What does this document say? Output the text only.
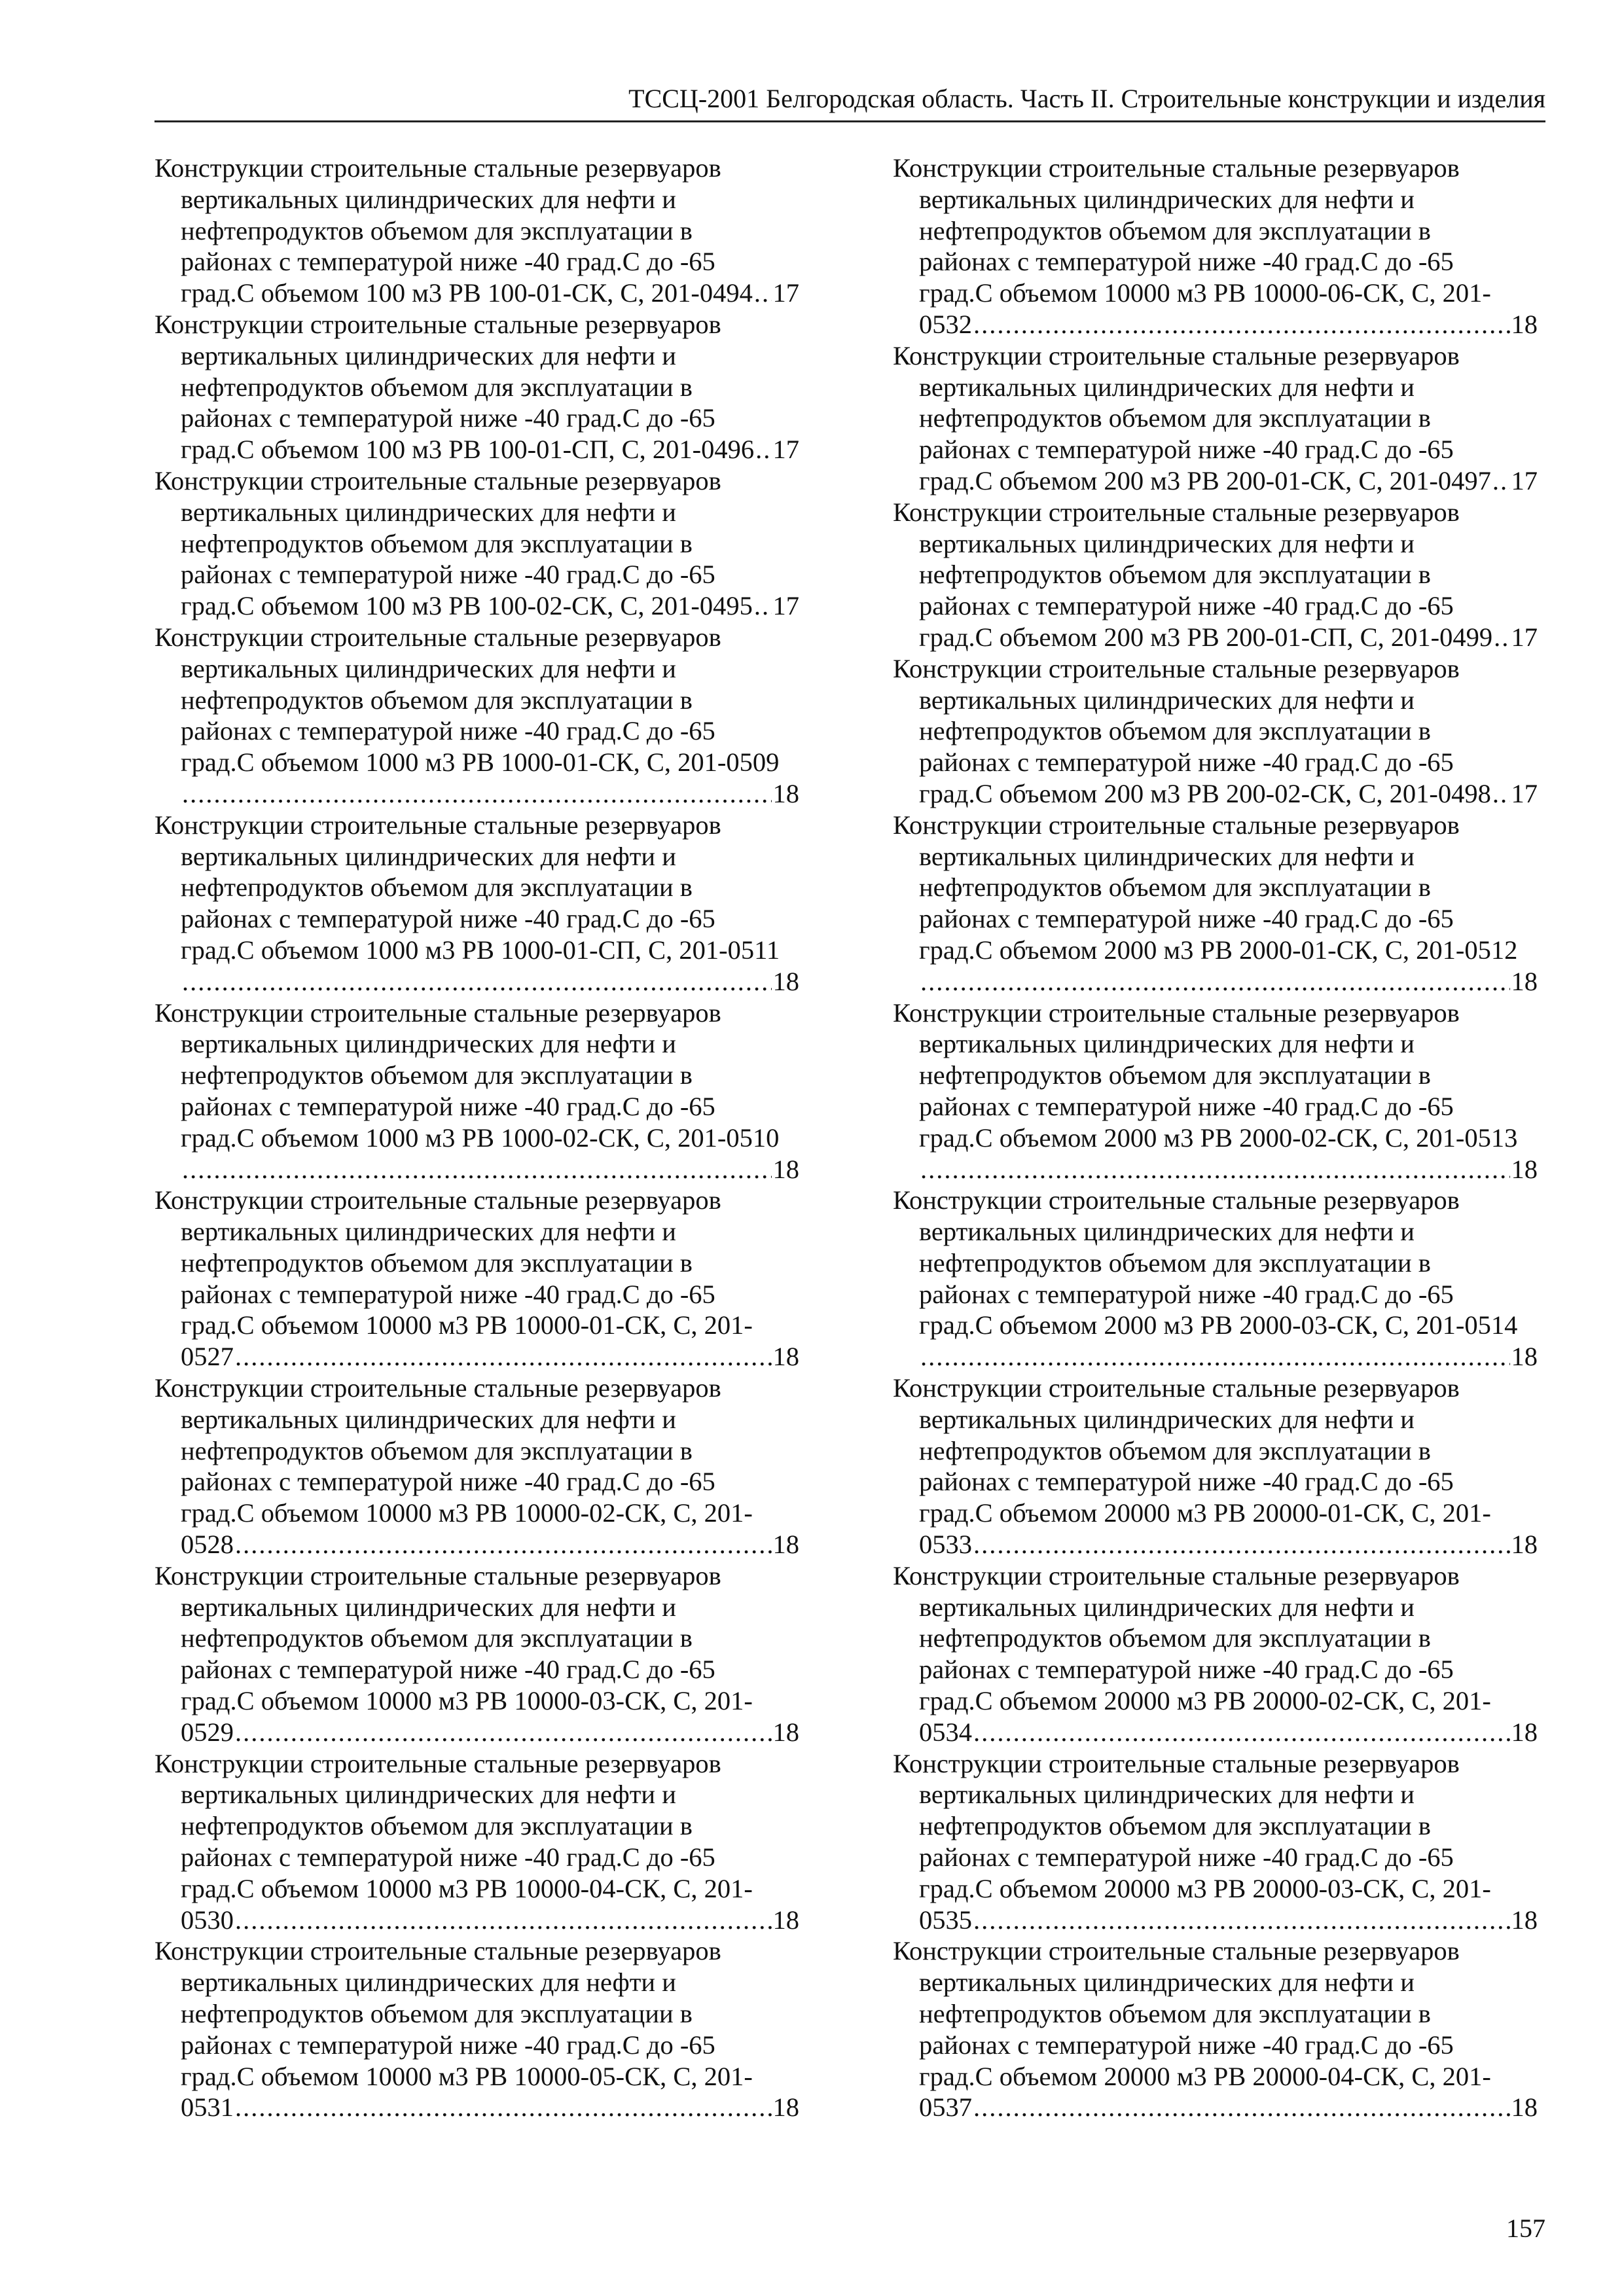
ТССЦ-2001 Белгородская область. Часть II. Строительные конструкции и изделия
Конструкции строительные стальные резервуаров
вертикальных цилиндрических для нефти и
нефтепродуктов объемом для эксплуатации в
районах с температурой ниже -40 град.С до -65
град.С объемом 100 м3 РВ 100-01-СК, С, 201-0494 ..... 17
Конструкции строительные стальные резервуаров
вертикальных цилиндрических для нефти и
нефтепродуктов объемом для эксплуатации в
районах с температурой ниже -40 град.С до -65
град.С объемом 100 м3 РВ 100-01-СП, С, 201-0496 ..... 17
Конструкции строительные стальные резервуаров
вертикальных цилиндрических для нефти и
нефтепродуктов объемом для эксплуатации в
районах с температурой ниже -40 град.С до -65
град.С объемом 100 м3 РВ 100-02-СК, С, 201-0495 ..... 17
Конструкции строительные стальные резервуаров
вертикальных цилиндрических для нефти и
нефтепродуктов объемом для эксплуатации в
районах с температурой ниже -40 град.С до -65
град.С объемом 1000 м3 РВ 1000-01-СК, С, 201-0509
.....
18
Конструкции строительные стальные резервуаров
вертикальных цилиндрических для нефти и
нефтепродуктов объемом для эксплуатации в
районах с температурой ниже -40 град.С до -65
град.С объемом 1000 м3 РВ 1000-01-СП, С, 201-0511
.....
18
Конструкции строительные стальные резервуаров
вертикальных цилиндрических для нефти и
нефтепродуктов объемом для эксплуатации в
районах с температурой ниже -40 град.С до -65
град.С объемом 1000 м3 РВ 1000-02-СК, С, 201-0510
.....
18
Конструкции строительные стальные резервуаров
вертикальных цилиндрических для нефти и
нефтепродуктов объемом для эксплуатации в
районах с температурой ниже -40 град.С до -65
град.С объемом 10000 м3 РВ 10000-01-СК, С, 201-
0527 .....	18
Конструкции строительные стальные резервуаров
вертикальных цилиндрических для нефти и
нефтепродуктов объемом для эксплуатации в
районах с температурой ниже -40 град.С до -65
град.С объемом 10000 м3 РВ 10000-02-СК, С, 201-
0528 .....	18
Конструкции строительные стальные резервуаров
вертикальных цилиндрических для нефти и
нефтепродуктов объемом для эксплуатации в
районах с температурой ниже -40 град.С до -65
град.С объемом 10000 м3 РВ 10000-03-СК, С, 201-
0529 .....	18
Конструкции строительные стальные резервуаров
вертикальных цилиндрических для нефти и
нефтепродуктов объемом для эксплуатации в
районах с температурой ниже -40 град.С до -65
град.С объемом 10000 м3 РВ 10000-04-СК, С, 201-
0530 .....	18
Конструкции строительные стальные резервуаров
вертикальных цилиндрических для нефти и
нефтепродуктов объемом для эксплуатации в
районах с температурой ниже -40 град.С до -65
град.С объемом 10000 м3 РВ 10000-05-СК, С, 201-
0531 .....	18
Конструкции строительные стальные резервуаров
вертикальных цилиндрических для нефти и
нефтепродуктов объемом для эксплуатации в
районах с температурой ниже -40 град.С до -65
град.С объемом 10000 м3 РВ 10000-06-СК, С, 201-
0532 .....	18
Конструкции строительные стальные резервуаров
вертикальных цилиндрических для нефти и
нефтепродуктов объемом для эксплуатации в
районах с температурой ниже -40 град.С до -65
град.С объемом 200 м3 РВ 200-01-СК, С, 201-0497 ..... 17
Конструкции строительные стальные резервуаров
вертикальных цилиндрических для нефти и
нефтепродуктов объемом для эксплуатации в
районах с температурой ниже -40 град.С до -65
град.С объемом 200 м3 РВ 200-01-СП, С, 201-0499 ..... 17
Конструкции строительные стальные резервуаров
вертикальных цилиндрических для нефти и
нефтепродуктов объемом для эксплуатации в
районах с температурой ниже -40 град.С до -65
град.С объемом 200 м3 РВ 200-02-СК, С, 201-0498 ..... 17
Конструкции строительные стальные резервуаров
вертикальных цилиндрических для нефти и
нефтепродуктов объемом для эксплуатации в
районах с температурой ниже -40 град.С до -65
град.С объемом 2000 м3 РВ 2000-01-СК, С, 201-0512
.....
18
Конструкции строительные стальные резервуаров
вертикальных цилиндрических для нефти и
нефтепродуктов объемом для эксплуатации в
районах с температурой ниже -40 град.С до -65
град.С объемом 2000 м3 РВ 2000-02-СК, С, 201-0513
.....
18
Конструкции строительные стальные резервуаров
вертикальных цилиндрических для нефти и
нефтепродуктов объемом для эксплуатации в
районах с температурой ниже -40 град.С до -65
град.С объемом 2000 м3 РВ 2000-03-СК, С, 201-0514
.....
18
Конструкции строительные стальные резервуаров
вертикальных цилиндрических для нефти и
нефтепродуктов объемом для эксплуатации в
районах с температурой ниже -40 град.С до -65
град.С объемом 20000 м3 РВ 20000-01-СК, С, 201-
0533 .....	18
Конструкции строительные стальные резервуаров
вертикальных цилиндрических для нефти и
нефтепродуктов объемом для эксплуатации в
районах с температурой ниже -40 град.С до -65
град.С объемом 20000 м3 РВ 20000-02-СК, С, 201-
0534 .....	18
Конструкции строительные стальные резервуаров
вертикальных цилиндрических для нефти и
нефтепродуктов объемом для эксплуатации в
районах с температурой ниже -40 град.С до -65
град.С объемом 20000 м3 РВ 20000-03-СК, С, 201-
0535 .....	18
Конструкции строительные стальные резервуаров
вертикальных цилиндрических для нефти и
нефтепродуктов объемом для эксплуатации в
районах с температурой ниже -40 град.С до -65
град.С объемом 20000 м3 РВ 20000-04-СК, С, 201-
0537 .....	18
157
